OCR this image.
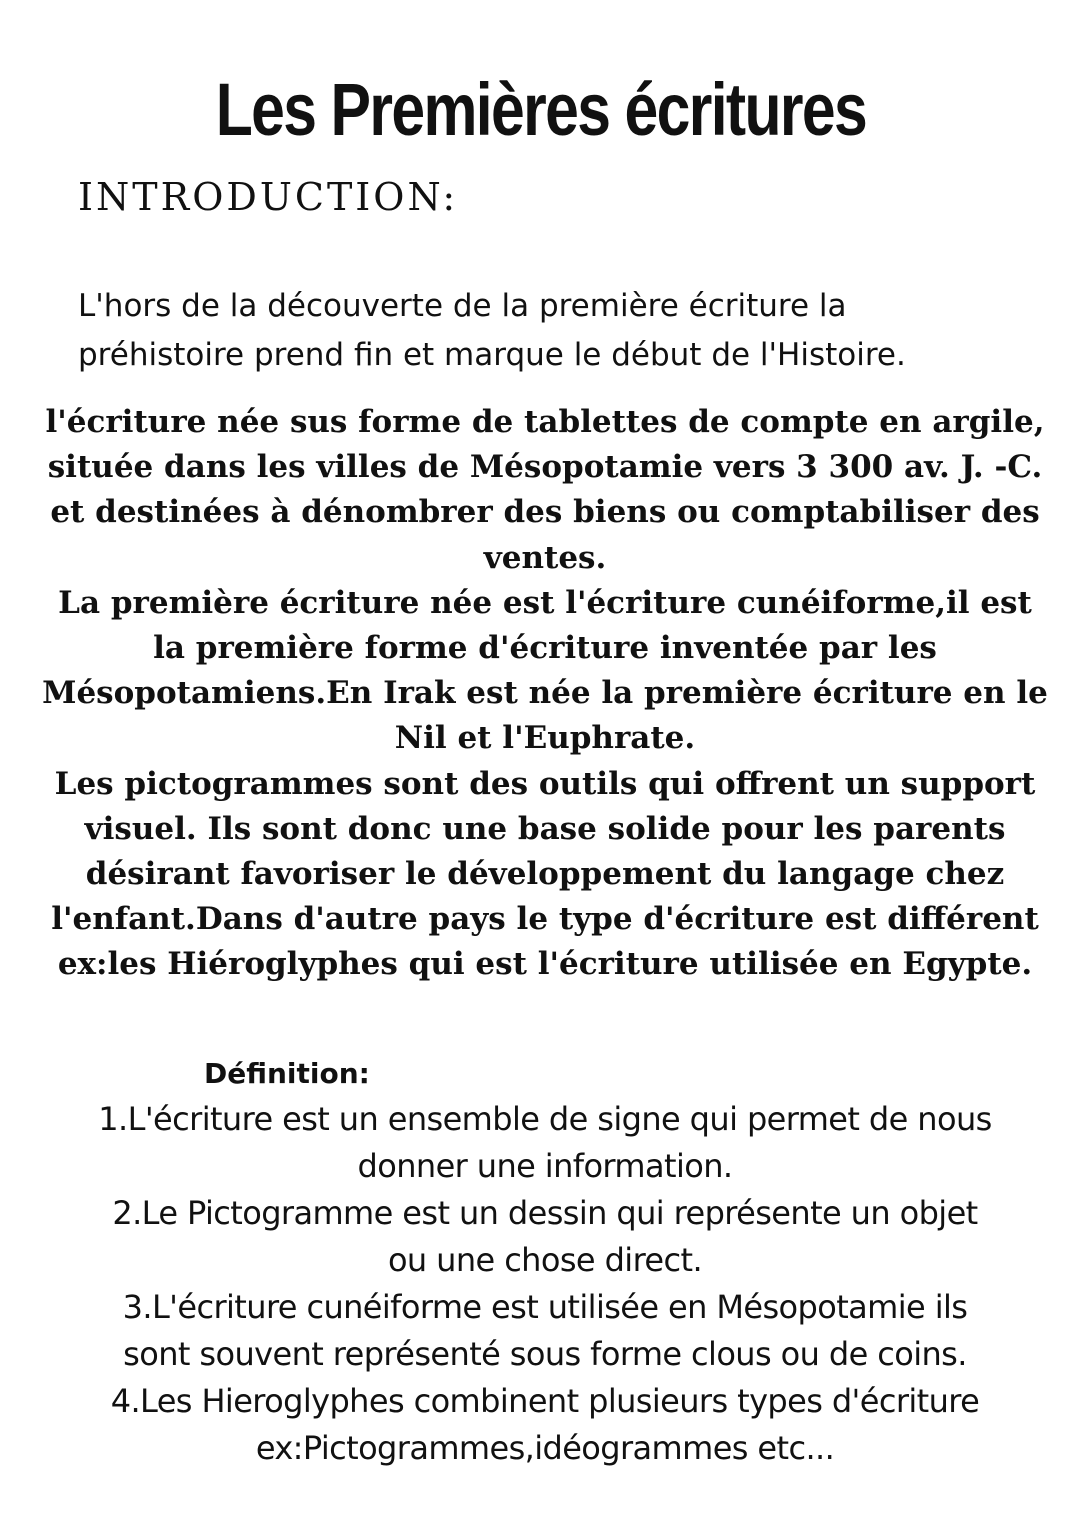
Les Premières écritures
INTRODUCTION:

L'hors de la découverte de la première écriture la
préhistoire prend fin et marque le début de l'Histoire.

l'écriture née sus forme de tablettes de compte en argile, située dans les villes de Mésopotamie vers 3 300 av. J. -C. et destinées à dénombrer des biens ou comptabiliser des ventes.

La première écriture née est l'écriture cunéiforme,il est la première forme d'écriture inventée par les Mésopotamiens.En Irak est née la première écriture en le Nil et l'Euphrate.

Les pictogrammes sont des outils qui offrent un support visuel. Ils sont donc une base solide pour les parents désirant favoriser le développement du langage chez l'enfant.Dans d'autre pays le type d'écriture est différent ex:les Hiéroglyphes qui est l'écriture utilisée en Egypte.

Définition:
1.L'écriture est un ensemble de signe qui permet de nous donner une information.
2.Le Pictogramme est un dessin qui représente un objet ou une chose direct.
3.L'écriture cunéiforme est utilisée en Mésopotamie ils sont souvent représenté sous forme clous ou de coins.
4.Les Hieroglyphes combinent plusieurs types d'écriture ex:Pictogrammes,idéogrammes etc...
